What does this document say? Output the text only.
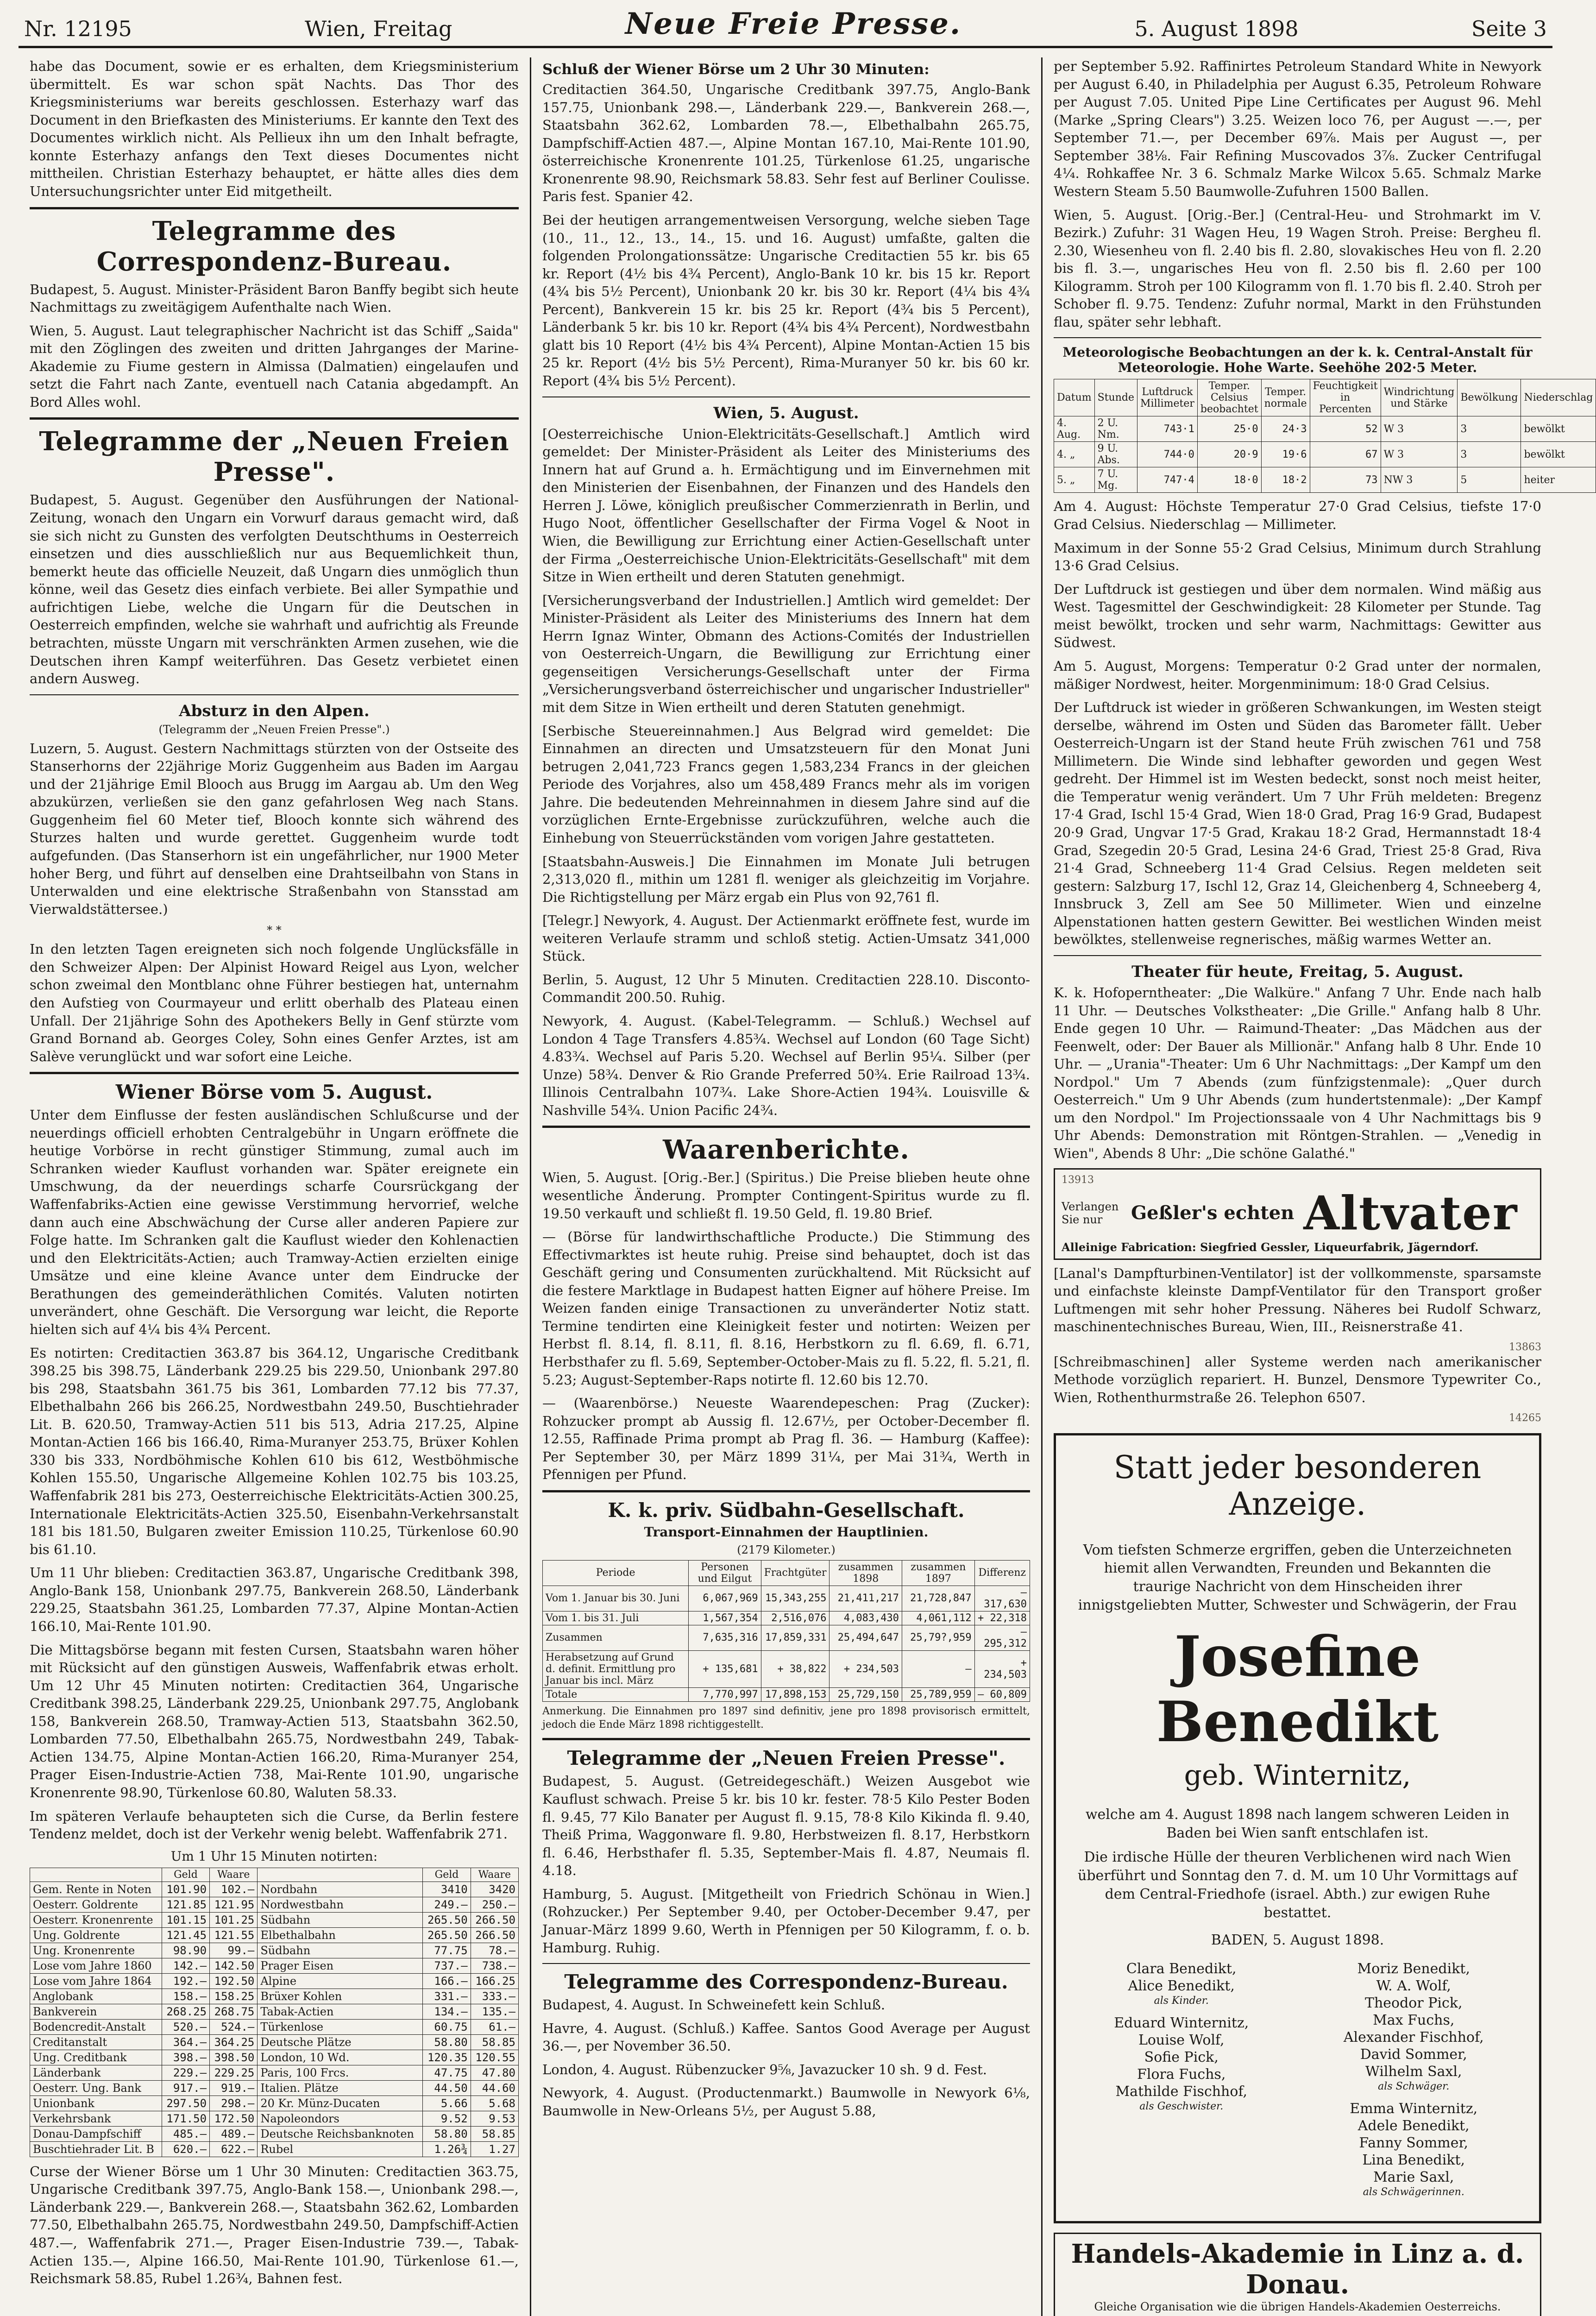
Nr. 12195	Wien, Freitag	Neue Freie Presse.	5. August 1898	Seite 3

habe das Document, sowie er es erhalten, dem Kriegsministerium übermittelt. Es war schon spät Nachts. Das Thor des Kriegsministeriums war bereits geschlossen. Esterhazy warf das Document in den Briefkasten des Ministeriums. Er kannte den Text des Documentes wirklich nicht. Als Pellieux ihn um den Inhalt befragte, konnte Esterhazy anfangs den Text dieses Documentes nicht mittheilen. Christian Esterhazy behauptet, er hätte alles dies dem Untersuchungsrichter unter Eid mitgetheilt.

Telegramme des Correspondenz-Bureau.

Budapest, 5. August. Minister-Präsident Baron Banffy begibt sich heute Nachmittags zu zweitägigem Aufenthalte nach Wien.

Wien, 5. August. Laut telegraphischer Nachricht ist das Schiff „Saida" mit den Zöglingen des zweiten und dritten Jahrganges der Marine-Akademie zu Fiume gestern in Almissa (Dalmatien) eingelaufen und setzt die Fahrt nach Zante, eventuell nach Catania abgedampft. An Bord Alles wohl.

Telegramme der „Neuen Freien Presse".

Budapest, 5. August. Gegenüber den Ausführungen der National-Zeitung, wonach den Ungarn ein Vorwurf daraus gemacht wird, daß sie sich nicht zu Gunsten des verfolgten Deutschthums in Oesterreich einsetzen und dies ausschließlich nur aus Bequemlichkeit thun, bemerkt heute das officielle Neuzeit, daß Ungarn dies unmöglich thun könne, weil das Gesetz dies einfach verbiete. Bei aller Sympathie und aufrichtigen Liebe, welche die Ungarn für die Deutschen in Oesterreich empfinden, welche sie wahrhaft und aufrichtig als Freunde betrachten, müsste Ungarn mit verschränkten Armen zusehen, wie die Deutschen ihren Kampf weiterführen. Das Gesetz verbietet einen andern Ausweg.

Absturz in den Alpen.
(Telegramm der „Neuen Freien Presse".)

Luzern, 5. August. Gestern Nachmittags stürzten von der Ostseite des Stanserhorns der 22jährige Moriz Guggenheim aus Baden im Aargau und der 21jährige Emil Blooch aus Brugg im Aargau ab. Um den Weg abzukürzen, verließen sie den ganz gefahrlosen Weg nach Stans. Guggenheim fiel 60 Meter tief, Blooch konnte sich während des Sturzes halten und wurde gerettet. Guggenheim wurde todt aufgefunden. (Das Stanserhorn ist ein ungefährlicher, nur 1900 Meter hoher Berg, und führt auf denselben eine Drahtseilbahn von Stans in Unterwalden und eine elektrische Straßenbahn von Stansstad am Vierwaldstättersee.)

* *

In den letzten Tagen ereigneten sich noch folgende Unglücksfälle in den Schweizer Alpen: Der Alpinist Howard Reigel aus Lyon, welcher schon zweimal den Montblanc ohne Führer bestiegen hat, unternahm den Aufstieg von Courmayeur und erlitt oberhalb des Plateau einen Unfall. Der 21jährige Sohn des Apothekers Belly in Genf stürzte vom Grand Bornand ab. Georges Coley, Sohn eines Genfer Arztes, ist am Salève verunglückt und war sofort eine Leiche.

Wiener Börse vom 5. August.

Unter dem Einflusse der festen ausländischen Schlußcurse und der neuerdings officiell erhobten Centralgebühr in Ungarn eröffnete die heutige Vorbörse in recht günstiger Stimmung, zumal auch im Schranken wieder Kauflust vorhanden war. Später ereignete ein Umschwung, da der neuerdings scharfe Coursrückgang der Waffenfabriks-Actien eine gewisse Verstimmung hervorrief, welche dann auch eine Abschwächung der Curse aller anderen Papiere zur Folge hatte. Im Schranken galt die Kauflust wieder den Kohlenactien und den Elektricitäts-Actien; auch Tramway-Actien erzielten einige Umsätze und eine kleine Avance unter dem Eindrucke der Berathungen des gemeinderäthlichen Comités. Valuten notirten unverändert, ohne Geschäft. Die Versorgung war leicht, die Reporte hielten sich auf 4¼ bis 4¾ Percent.

Es notirten: Creditactien 363.87 bis 364.12, Ungarische Creditbank 398.25 bis 398.75, Länderbank 229.25 bis 229.50, Unionbank 297.80 bis 298, Staatsbahn 361.75 bis 361, Lombarden 77.12 bis 77.37, Elbethalbahn 266 bis 266.25, Nordwestbahn 249.50, Buschtiehrader Lit. B. 620.50, Tramway-Actien 511 bis 513, Adria 217.25, Alpine Montan-Actien 166 bis 166.40, Rima-Muranyer 253.75, Brüxer Kohlen 330 bis 333, Nordböhmische Kohlen 610 bis 612, Westböhmische Kohlen 155.50, Ungarische Allgemeine Kohlen 102.75 bis 103.25, Waffenfabrik 281 bis 273, Oesterreichische Elektricitäts-Actien 300.25, Internationale Elektricitäts-Actien 325.50, Eisenbahn-Verkehrsanstalt 181 bis 181.50, Bulgaren zweiter Emission 110.25, Türkenlose 60.90 bis 61.10.

Um 11 Uhr blieben: Creditactien 363.87, Ungarische Creditbank 398, Anglo-Bank 158, Unionbank 297.75, Bankverein 268.50, Länderbank 229.25, Staatsbahn 361.25, Lombarden 77.37, Alpine Montan-Actien 166.10, Mai-Rente 101.90.

Die Mittagsbörse begann mit festen Cursen, Staatsbahn waren höher mit Rücksicht auf den günstigen Ausweis, Waffenfabrik etwas erholt. Um 12 Uhr 45 Minuten notirten: Creditactien 364, Ungarische Creditbank 398.25, Länderbank 229.25, Unionbank 297.75, Anglobank 158, Bankverein 268.50, Tramway-Actien 513, Staatsbahn 362.50, Lombarden 77.50, Elbethalbahn 265.75, Nordwestbahn 249, Tabak-Actien 134.75, Alpine Montan-Actien 166.20, Rima-Muranyer 254, Prager Eisen-Industrie-Actien 738, Mai-Rente 101.90, ungarische Kronenrente 98.90, Türkenlose 60.80, Waluten 58.33.

Im späteren Verlaufe behaupteten sich die Curse, da Berlin festere Tendenz meldet, doch ist der Verkehr wenig belebt. Waffenfabrik 271.

Um 1 Uhr 15 Minuten notirten:
	Geld	Waare		Geld	Waare
Gem. Rente in Noten	101.90	102.—	Nordbahn	3410	3420
Oesterr. Goldrente	121.85	121.95	Nordwestbahn	249.—	250.—
Oesterr. Kronenrente	101.15	101.25	Südbahn	265.50	266.50
Ung. Goldrente	121.45	121.55	Elbethalbahn	265.50	266.50
Ung. Kronenrente	98.90	99.—	Südbahn	77.75	78.—
Lose vom Jahre 1860	142.—	142.50	Prager Eisen	737.—	738.—
Lose vom Jahre 1864	192.—	192.50	Alpine	166.—	166.25
Anglobank	158.—	158.25	Brüxer Kohlen	331.—	333.—
Bankverein	268.25	268.75	Tabak-Actien	134.—	135.—
Bodencredit-Anstalt	520.—	524.—	Türkenlose	60.75	61.—
Creditanstalt	364.—	364.25	Deutsche Plätze	58.80	58.85
Ung. Creditbank	398.—	398.50	London, 10 Wd.	120.35	120.55
Länderbank	229.—	229.25	Paris, 100 Frcs.	47.75	47.80
Oesterr. Ung. Bank	917.—	919.—	Italien. Plätze	44.50	44.60
Unionbank	297.50	298.—	20 Kr. Münz-Ducaten	5.66	5.68
Verkehrsbank	171.50	172.50	Napoleondors	9.52	9.53
Donau-Dampfschiff	485.—	489.—	Deutsche Reichsbanknoten	58.80	58.85
Buschtiehrader Lit. B	620.—	622.—	Rubel	1.26¾	1.27

Curse der Wiener Börse um 1 Uhr 30 Minuten: Creditactien 363.75, Ungarische Creditbank 397.75, Anglo-Bank 158.—, Unionbank 298.—, Länderbank 229.—, Bankverein 268.—, Staatsbahn 362.62, Lombarden 77.50, Elbethalbahn 265.75, Nordwestbahn 249.50, Dampfschiff-Actien 487.—, Waffenfabrik 271.—, Prager Eisen-Industrie 739.—, Tabak-Actien 135.—, Alpine 166.50, Mai-Rente 101.90, Türkenlose 61.—, Reichsmark 58.85, Rubel 1.26¾, Bahnen fest.

Schluß der Wiener Börse um 2 Uhr 30 Minuten:

Creditactien 364.50, Ungarische Creditbank 397.75, Anglo-Bank 157.75, Unionbank 298.—, Länderbank 229.—, Bankverein 268.—, Staatsbahn 362.62, Lombarden 78.—, Elbethalbahn 265.75, Dampfschiff-Actien 487.—, Alpine Montan 167.10, Mai-Rente 101.90, österreichische Kronenrente 101.25, Türkenlose 61.25, ungarische Kronenrente 98.90, Reichsmark 58.83. Sehr fest auf Berliner Coulisse. Paris fest. Spanier 42.

Bei der heutigen arrangementweisen Versorgung, welche sieben Tage (10., 11., 12., 13., 14., 15. und 16. August) umfaßte, galten die folgenden Prolongationssätze: Ungarische Creditactien 55 kr. bis 65 kr. Report (4½ bis 4¾ Percent), Anglo-Bank 10 kr. bis 15 kr. Report (4¾ bis 5½ Percent), Unionbank 20 kr. bis 30 kr. Report (4¼ bis 4¾ Percent), Bankverein 15 kr. bis 25 kr. Report (4¾ bis 5 Percent), Länderbank 5 kr. bis 10 kr. Report (4¾ bis 4¾ Percent), Nordwestbahn glatt bis 10 Report (4½ bis 4¾ Percent), Alpine Montan-Actien 15 bis 25 kr. Report (4½ bis 5½ Percent), Rima-Muranyer 50 kr. bis 60 kr. Report (4¾ bis 5½ Percent).

Wien, 5. August.

[Oesterreichische Union-Elektricitäts-Gesellschaft.] Amtlich wird gemeldet: Der Minister-Präsident als Leiter des Ministeriums des Innern hat auf Grund a. h. Ermächtigung und im Einvernehmen mit den Ministerien der Eisenbahnen, der Finanzen und des Handels den Herren J. Löwe, königlich preußischer Commerzienrath in Berlin, und Hugo Noot, öffentlicher Gesellschafter der Firma Vogel & Noot in Wien, die Bewilligung zur Errichtung einer Actien-Gesellschaft unter der Firma „Oesterreichische Union-Elektricitäts-Gesellschaft" mit dem Sitze in Wien ertheilt und deren Statuten genehmigt.

[Versicherungsverband der Industriellen.] Amtlich wird gemeldet: Der Minister-Präsident als Leiter des Ministeriums des Innern hat dem Herrn Ignaz Winter, Obmann des Actions-Comités der Industriellen von Oesterreich-Ungarn, die Bewilligung zur Errichtung einer gegenseitigen Versicherungs-Gesellschaft unter der Firma „Versicherungsverband österreichischer und ungarischer Industrieller" mit dem Sitze in Wien ertheilt und deren Statuten genehmigt.

[Serbische Steuereinnahmen.] Aus Belgrad wird gemeldet: Die Einnahmen an directen und Umsatzsteuern für den Monat Juni betrugen 2,041,723 Francs gegen 1,583,234 Francs in der gleichen Periode des Vorjahres, also um 458,489 Francs mehr als im vorigen Jahre. Die bedeutenden Mehreinnahmen in diesem Jahre sind auf die vorzüglichen Ernte-Ergebnisse zurückzuführen, welche auch die Einhebung von Steuerrückständen vom vorigen Jahre gestatteten.

[Staatsbahn-Ausweis.] Die Einnahmen im Monate Juli betrugen 2,313,020 fl., mithin um 1281 fl. weniger als gleichzeitig im Vorjahre. Die Richtigstellung per März ergab ein Plus von 92,761 fl.

[Telegr.] Newyork, 4. August. Der Actienmarkt eröffnete fest, wurde im weiteren Verlaufe stramm und schloß stetig. Actien-Umsatz 341,000 Stück.

Berlin, 5. August, 12 Uhr 5 Minuten. Creditactien 228.10. Disconto-Commandit 200.50. Ruhig.

Newyork, 4. August. (Kabel-Telegramm. — Schluß.) Wechsel auf London 4 Tage Transfers 4.85¾. Wechsel auf London (60 Tage Sicht) 4.83¾. Wechsel auf Paris 5.20. Wechsel auf Berlin 95¼. Silber (per Unze) 58¾. Denver & Rio Grande Preferred 50¾. Erie Railroad 13¾. Illinois Centralbahn 107¾. Lake Shore-Actien 194¾. Louisville & Nashville 54¾. Union Pacific 24¾.

Waarenberichte.

Wien, 5. August. [Orig.-Ber.] (Spiritus.) Die Preise blieben heute ohne wesentliche Änderung. Prompter Contingent-Spiritus wurde zu fl. 19.50 verkauft und schließt fl. 19.50 Geld, fl. 19.80 Brief.

— (Börse für landwirthschaftliche Producte.) Die Stimmung des Effectivmarktes ist heute ruhig. Preise sind behauptet, doch ist das Geschäft gering und Consumenten zurückhaltend. Mit Rücksicht auf die festere Marktlage in Budapest hatten Eigner auf höhere Preise. Im Weizen fanden einige Transactionen zu unveränderter Notiz statt. Termine tendirten eine Kleinigkeit fester und notirten: Weizen per Herbst fl. 8.14, fl. 8.11, fl. 8.16, Herbstkorn zu fl. 6.69, fl. 6.71, Herbsthafer zu fl. 5.69, September-October-Mais zu fl. 5.22, fl. 5.21, fl. 5.23; August-September-Raps notirte fl. 12.60 bis 12.70.

— (Waarenbörse.) Neueste Waarendepeschen: Prag (Zucker): Rohzucker prompt ab Aussig fl. 12.67½, per October-December fl. 12.55, Raffinade Prima prompt ab Prag fl. 36. — Hamburg (Kaffee): Per September 30, per März 1899 31¼, per Mai 31¾, Werth in Pfennigen per Pfund.

K. k. priv. Südbahn-Gesellschaft.
Transport-Einnahmen der Hauptlinien.
(2179 Kilometer.)
Periode	Personen und Eilgut	Frachtgüter	zusammen 1898	zusammen 1897	Differenz
Vom 1. Januar bis 30. Juni	6,067,969	15,343,255	21,411,217	21,728,847	— 317,630
Vom 1. bis 31. Juli	1,567,354	2,516,076	4,083,430	4,061,112	+ 22,318
Zusammen	7,635,316	17,859,331	25,494,647	25,79?,959	— 295,312
Herabsetzung auf Grund d. definit. Ermittlung pro Januar bis incl. März	+ 135,681	+ 38,822	+ 234,503	—	+ 234,503
Totale	7,770,997	17,898,153	25,729,150	25,789,959	— 60,809

Anmerkung. Die Einnahmen pro 1897 sind definitiv, jene pro 1898 provisorisch ermittelt, jedoch die Ende März 1898 richtiggestellt.

Telegramme der „Neuen Freien Presse".

Budapest, 5. August. (Getreidegeschäft.) Weizen Ausgebot wie Kauflust schwach. Preise 5 kr. bis 10 kr. fester. 78·5 Kilo Pester Boden fl. 9.45, 77 Kilo Banater per August fl. 9.15, 78·8 Kilo Kikinda fl. 9.40, Theiß Prima, Waggonware fl. 9.80, Herbstweizen fl. 8.17, Herbstkorn fl. 6.46, Herbsthafer fl. 5.35, September-Mais fl. 4.87, Neumais fl. 4.18.

Hamburg, 5. August. [Mitgetheilt von Friedrich Schönau in Wien.] (Rohzucker.) Per September 9.40, per October-December 9.47, per Januar-März 1899 9.60, Werth in Pfennigen per 50 Kilogramm, f. o. b. Hamburg. Ruhig.

Telegramme des Correspondenz-Bureau.

Budapest, 4. August. In Schweinefett kein Schluß.

Havre, 4. August. (Schluß.) Kaffee. Santos Good Average per August 36.—, per November 36.50.

London, 4. August. Rübenzucker 9⅝, Javazucker 10 sh. 9 d. Fest.

Newyork, 4. August. (Productenmarkt.) Baumwolle in Newyork 6⅛, Baumwolle in New-Orleans 5½, per August 5.88,

per September 5.92. Raffinirtes Petroleum Standard White in Newyork per August 6.40, in Philadelphia per August 6.35, Petroleum Rohware per August 7.05. United Pipe Line Certificates per August 96. Mehl (Marke „Spring Clears") 3.25. Weizen loco 76, per August —.—, per September 71.—, per December 69⅞. Mais per August —, per September 38⅛. Fair Refining Muscovados 3⅞. Zucker Centrifugal 4¼. Rohkaffee Nr. 3 6. Schmalz Marke Wilcox 5.65. Schmalz Marke Western Steam 5.50 Baumwolle-Zufuhren 1500 Ballen.

Wien, 5. August. [Orig.-Ber.] (Central-Heu- und Strohmarkt im V. Bezirk.) Zufuhr: 31 Wagen Heu, 19 Wagen Stroh. Preise: Bergheu fl. 2.30, Wiesenheu von fl. 2.40 bis fl. 2.80, slovakisches Heu von fl. 2.20 bis fl. 3.—, ungarisches Heu von fl. 2.50 bis fl. 2.60 per 100 Kilogramm. Stroh per 100 Kilogramm von fl. 1.70 bis fl. 2.40. Stroh per Schober fl. 9.75. Tendenz: Zufuhr normal, Markt in den Frühstunden flau, später sehr lebhaft.

Meteorologische Beobachtungen an der k. k. Central-Anstalt für Meteorologie. Hohe Warte. Seehöhe 202·5 Meter.
Datum	Stunde	Luftdruck Millimeter	Temper. Celsius beobachtet	Temper. normale	Feuchtigkeit in Percenten	Windrichtung und Stärke	Bewölkung	Niederschlag
4. Aug.	2 U. Nm.	743·1	25·0	24·3	52	W 3	3	bewölkt
4. „	9 U. Abs.	744·0	20·9	19·6	67	W 3	3	bewölkt
5. „	7 U. Mg.	747·4	18·0	18·2	73	NW 3	5	heiter

Am 4. August: Höchste Temperatur 27·0 Grad Celsius, tiefste 17·0 Grad Celsius. Niederschlag — Millimeter.

Maximum in der Sonne 55·2 Grad Celsius, Minimum durch Strahlung 13·6 Grad Celsius.

Der Luftdruck ist gestiegen und über dem normalen. Wind mäßig aus West. Tagesmittel der Geschwindigkeit: 28 Kilometer per Stunde. Tag meist bewölkt, trocken und sehr warm, Nachmittags: Gewitter aus Südwest.

Am 5. August, Morgens: Temperatur 0·2 Grad unter der normalen, mäßiger Nordwest, heiter. Morgenminimum: 18·0 Grad Celsius.

Der Luftdruck ist wieder in größeren Schwankungen, im Westen steigt derselbe, während im Osten und Süden das Barometer fällt. Ueber Oesterreich-Ungarn ist der Stand heute Früh zwischen 761 und 758 Millimetern. Die Winde sind lebhafter geworden und gegen West gedreht. Der Himmel ist im Westen bedeckt, sonst noch meist heiter, die Temperatur wenig verändert. Um 7 Uhr Früh meldeten: Bregenz 17·4 Grad, Ischl 15·4 Grad, Wien 18·0 Grad, Prag 16·9 Grad, Budapest 20·9 Grad, Ungvar 17·5 Grad, Krakau 18·2 Grad, Hermannstadt 18·4 Grad, Szegedin 20·5 Grad, Lesina 24·6 Grad, Triest 25·8 Grad, Riva 21·4 Grad, Schneeberg 11·4 Grad Celsius. Regen meldeten seit gestern: Salzburg 17, Ischl 12, Graz 14, Gleichenberg 4, Schneeberg 4, Innsbruck 3, Zell am See 50 Millimeter. Wien und einzelne Alpenstationen hatten gestern Gewitter. Bei westlichen Winden meist bewölktes, stellenweise regnerisches, mäßig warmes Wetter an.

Theater für heute, Freitag, 5. August.

K. k. Hofoperntheater: „Die Walküre." Anfang 7 Uhr. Ende nach halb 11 Uhr. — Deutsches Volkstheater: „Die Grille." Anfang halb 8 Uhr. Ende gegen 10 Uhr. — Raimund-Theater: „Das Mädchen aus der Feenwelt, oder: Der Bauer als Millionär." Anfang halb 8 Uhr. Ende 10 Uhr. — „Urania"-Theater: Um 6 Uhr Nachmittags: „Der Kampf um den Nordpol." Um 7 Abends (zum fünfzigstenmale): „Quer durch Oesterreich." Um 9 Uhr Abends (zum hundertstenmale): „Der Kampf um den Nordpol." Im Projectionssaale von 4 Uhr Nachmittags bis 9 Uhr Abends: Demonstration mit Röntgen-Strahlen. — „Venedig in Wien", Abends 8 Uhr: „Die schöne Galathé."

13913
Verlangen Sie nur	Geßler's echten Altvater
Alleinige Fabrication: Siegfried Gessler, Liqueurfabrik, Jägerndorf.

[Lanal's Dampfturbinen-Ventilator] ist der vollkommenste, sparsamste und einfachste kleinste Dampf-Ventilator für den Transport großer Luftmengen mit sehr hoher Pressung. Näheres bei Rudolf Schwarz, maschinentechnisches Bureau, Wien, III., Reisnerstraße 41.

13863

[Schreibmaschinen] aller Systeme werden nach amerikanischer Methode vorzüglich repariert. H. Bunzel, Densmore Typewriter Co., Wien, Rothenthurmstraße 26. Telephon 6507.

14265
Statt jeder besonderen Anzeige.

Vom tiefsten Schmerze ergriffen, geben die Unterzeichneten hiemit allen Verwandten, Freunden und Bekannten die traurige Nachricht von dem Hinscheiden ihrer innigstgeliebten Mutter, Schwester und Schwägerin, der Frau

Josefine Benedikt
geb. Winternitz,

welche am 4. August 1898 nach langem schweren Leiden in Baden bei Wien sanft entschlafen ist.

Die irdische Hülle der theuren Verblichenen wird nach Wien überführt und Sonntag den 7. d. M. um 10 Uhr Vormittags auf dem Central-Friedhofe (israel. Abth.) zur ewigen Ruhe bestattet.

BADEN, 5. August 1898.

Clara Benedikt,
Alice Benedikt,
als Kinder.
Eduard Winternitz,
Louise Wolf,
Sofie Pick,
Flora Fuchs,
Mathilde Fischhof,
als Geschwister.
Moriz Benedikt,
W. A. Wolf,
Theodor Pick,
Max Fuchs,
Alexander Fischhof,
David Sommer,
Wilhelm Saxl,
als Schwäger.
Emma Winternitz,
Adele Benedikt,
Fanny Sommer,
Lina Benedikt,
Marie Saxl,
als Schwägerinnen.
Handels-Akademie in Linz a. d. Donau.

Gleiche Organisation wie die übrigen Handels-Akademien Oesterreichs.
